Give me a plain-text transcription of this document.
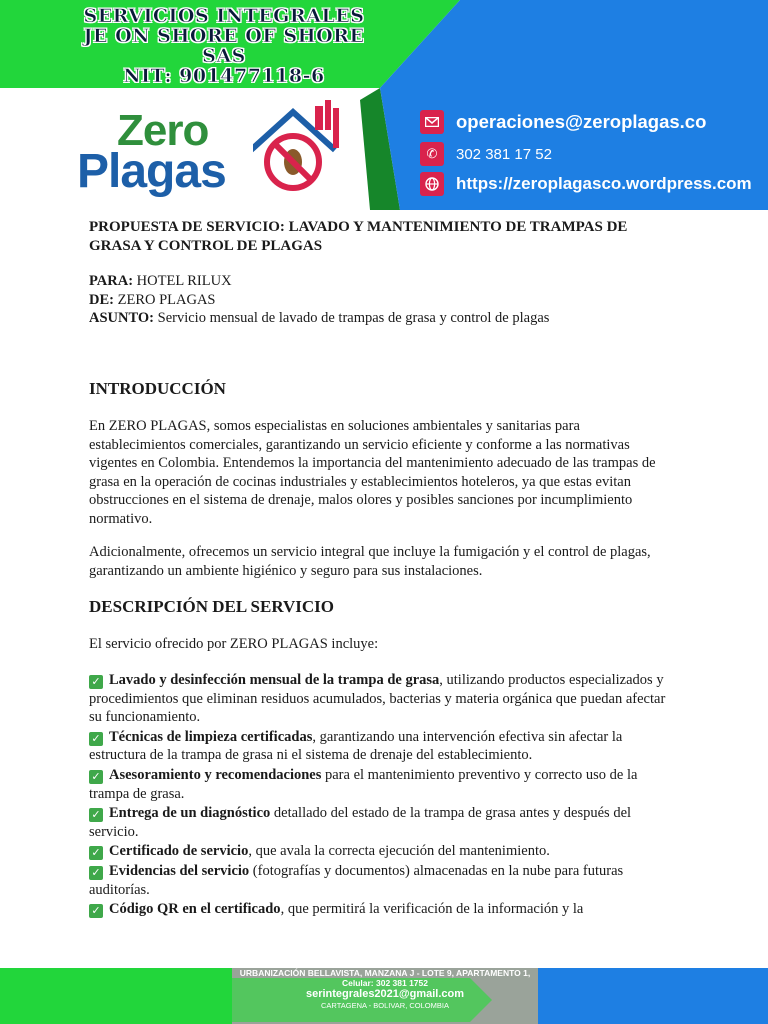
SERVICIOS INTEGRALES
JE ON SHORE OF SHORE
SAS
NIT: 901477118-6
Zero
Plagas
operaciones@zeroplagas.co
✆ 302 381 17 52
https://zeroplagasco.wordpress.com
PROPUESTA DE SERVICIO: LAVADO Y MANTENIMIENTO DE TRAMPAS DE GRASA Y CONTROL DE PLAGAS
PARA: HOTEL RILUX
DE: ZERO PLAGAS
ASUNTO: Servicio mensual de lavado de trampas de grasa y control de plagas
INTRODUCCIÓN

En ZERO PLAGAS, somos especialistas en soluciones ambientales y sanitarias para establecimientos comerciales, garantizando un servicio eficiente y conforme a las normativas vigentes en Colombia. Entendemos la importancia del mantenimiento adecuado de las trampas de grasa en la operación de cocinas industriales y establecimientos hoteleros, ya que estas evitan obstrucciones en el sistema de drenaje, malos olores y posibles sanciones por incumplimiento normativo.

Adicionalmente, ofrecemos un servicio integral que incluye la fumigación y el control de plagas, garantizando un ambiente higiénico y seguro para sus instalaciones.

DESCRIPCIÓN DEL SERVICIO
El servicio ofrecido por ZERO PLAGAS incluye:
✓ Lavado y desinfección mensual de la trampa de grasa, utilizando productos especializados y procedimientos que eliminan residuos acumulados, bacterias y materia orgánica que puedan afectar su funcionamiento.
✓ Técnicas de limpieza certificadas, garantizando una intervención efectiva sin afectar la estructura de la trampa de grasa ni el sistema de drenaje del establecimiento.
✓ Asesoramiento y recomendaciones para el mantenimiento preventivo y correcto uso de la trampa de grasa.
✓ Entrega de un diagnóstico detallado del estado de la trampa de grasa antes y después del servicio.
✓ Certificado de servicio, que avala la correcta ejecución del mantenimiento.
✓ Evidencias del servicio (fotografías y documentos) almacenadas en la nube para futuras auditorías.
✓ Código QR en el certificado, que permitirá la verificación de la información y la
URBANIZACIÓN BELLAVISTA, MANZANA J - LOTE 9, APARTAMENTO 1,
Celular: 302 381 1752
serintegrales2021@gmail.com
CARTAGENA - BOLIVAR, COLOMBIA
